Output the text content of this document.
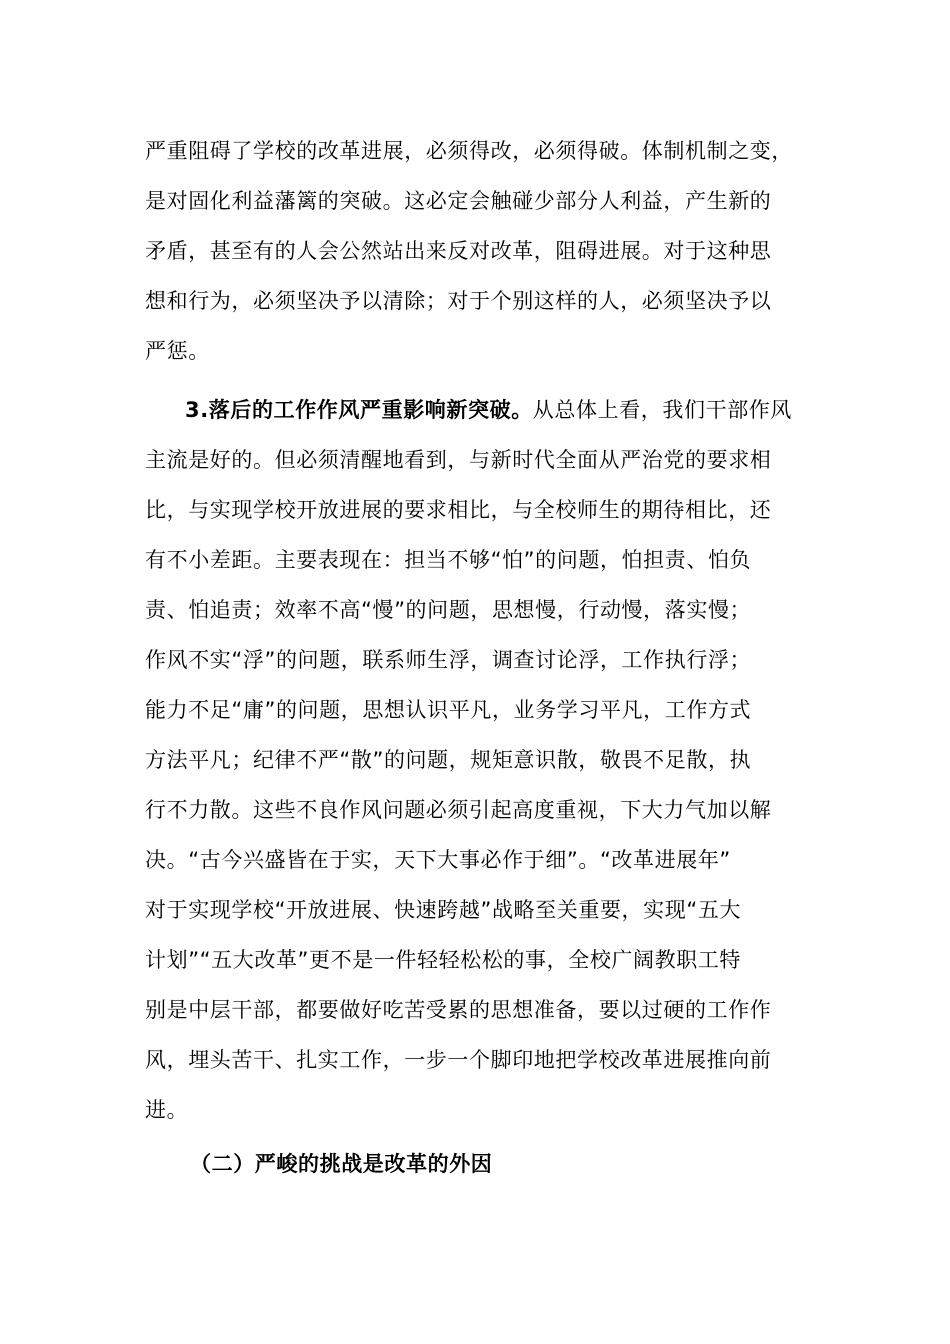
严重阻碍了学校的改革进展，必须得改，必须得破。体制机制之变，
是对固化利益藩篱的突破。这必定会触碰少部分人利益，产生新的
矛盾，甚至有的人会公然站出来反对改革，阻碍进展。对于这种思
想和行为，必须坚决予以清除；对于个别这样的人，必须坚决予以
严惩。
3.落后的工作作风严重影响新突破。从总体上看，我们干部作风
主流是好的。但必须清醒地看到，与新时代全面从严治党的要求相
比，与实现学校开放进展的要求相比，与全校师生的期待相比，还
有不小差距。主要表现在：担当不够“怕”的问题，怕担责、怕负
责、怕追责；效率不高“慢”的问题，思想慢，行动慢，落实慢；
作风不实“浮”的问题，联系师生浮，调查讨论浮，工作执行浮；
能力不足“庸”的问题，思想认识平凡，业务学习平凡，工作方式
方法平凡；纪律不严“散”的问题，规矩意识散，敬畏不足散，执
行不力散。这些不良作风问题必须引起高度重视，下大力气加以解
决。“古今兴盛皆在于实，天下大事必作于细”。“改革进展年”
对于实现学校“开放进展、快速跨越”战略至关重要，实现“五大
计划”“五大改革”更不是一件轻轻松松的事，全校广阔教职工特
别是中层干部，都要做好吃苦受累的思想准备，要以过硬的工作作
风，埋头苦干、扎实工作，一步一个脚印地把学校改革进展推向前
进。
（二）严峻的挑战是改革的外因
